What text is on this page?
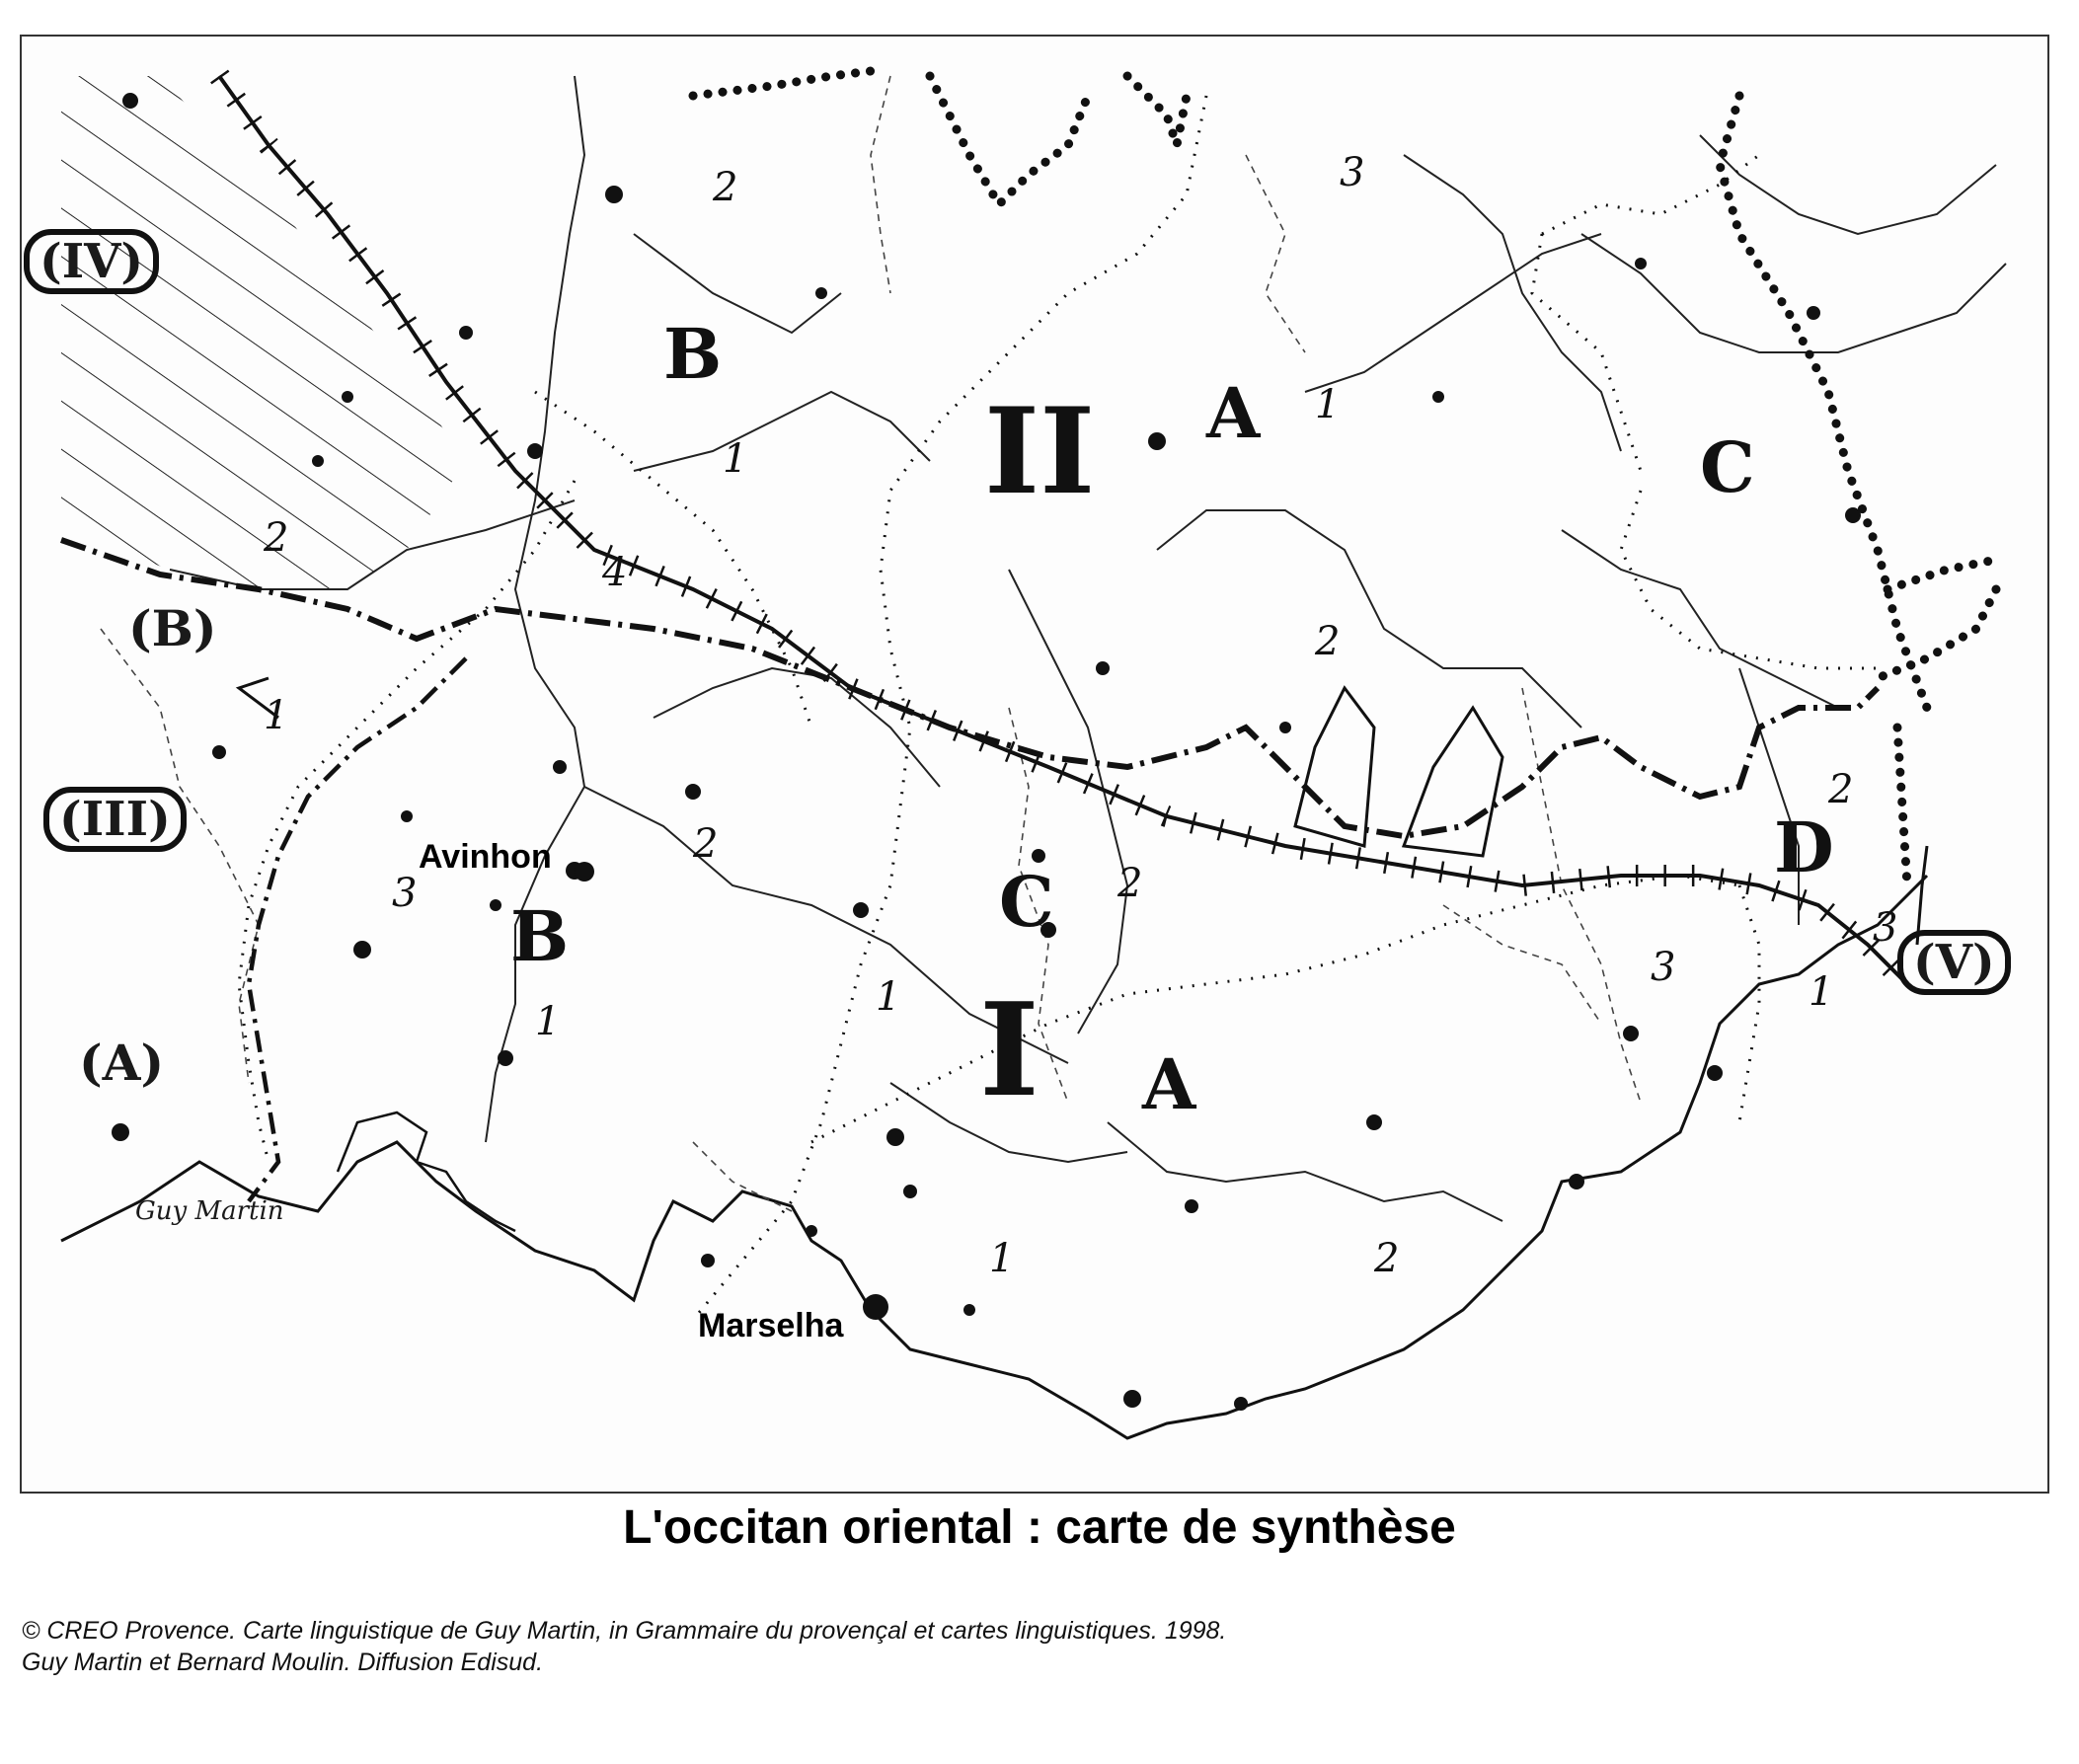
II
I
(IV)
(III)
(V)
A
A
B
B
C
C
D
(B)
(A)
2	3
1
1
2
4
1
3
2
1
2
2
1
3
2
1
2
1
3
Avinhon
Marselha
Guy Martin
L'occitan oriental : carte de synthèse
© CREO Provence. Carte linguistique de Guy Martin, in Grammaire du provençal et cartes linguistiques. 1998.
Guy Martin et Bernard Moulin. Diffusion Edisud.
